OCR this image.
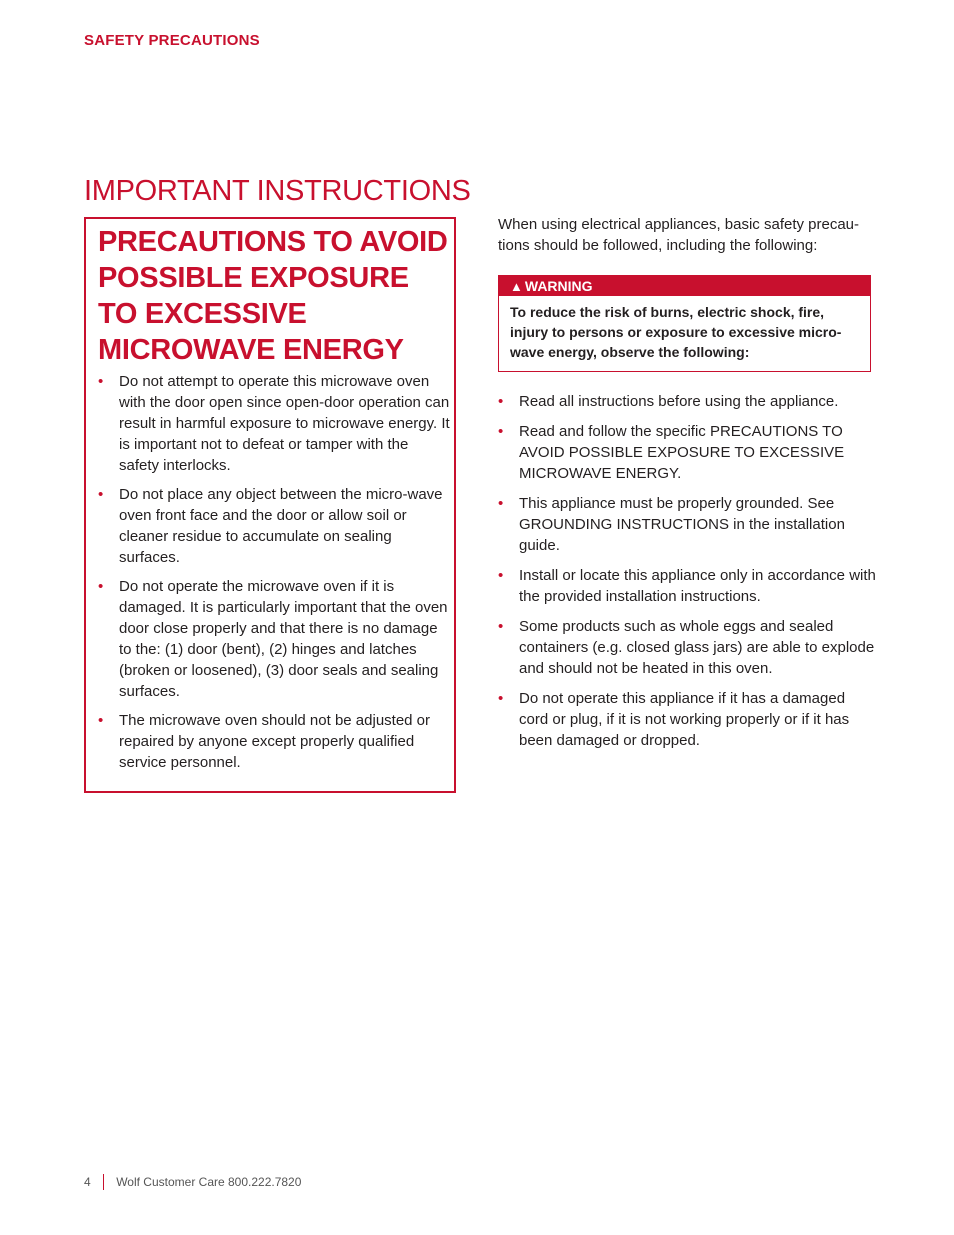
SAFETY PRECAUTIONS
IMPORTANT INSTRUCTIONS
PRECAUTIONS TO AVOID POSSIBLE EXPOSURE TO EXCESSIVE MICROWAVE ENERGY
• Do not attempt to operate this microwave oven with the door open since open-door operation can result in harmful exposure to microwave energy. It is important not to defeat or tamper with the safety interlocks.
• Do not place any object between the micro-wave oven front face and the door or allow soil or cleaner residue to accumulate on sealing surfaces.
• Do not operate the microwave oven if it is damaged. It is particularly important that the oven door close properly and that there is no damage to the: (1) door (bent), (2) hinges and latches (broken or loosened), (3) door seals and sealing surfaces.
• The microwave oven should not be adjusted or repaired by anyone except properly qualified service personnel.

When using electrical appliances, basic safety precau-tions should be followed, including the following:

▲ WARNING
To reduce the risk of burns, electric shock, fire, injury to persons or exposure to excessive micro-wave energy, observe the following:
• Read all instructions before using the appliance.
• Read and follow the specific PRECAUTIONS TO AVOID POSSIBLE EXPOSURE TO EXCESSIVE MICROWAVE ENERGY.
• This appliance must be properly grounded. See GROUNDING INSTRUCTIONS in the installation guide.
• Install or locate this appliance only in accordance with the provided installation instructions.
• Some products such as whole eggs and sealed containers (e.g. closed glass jars) are able to explode and should not be heated in this oven.
• Do not operate this appliance if it has a damaged cord or plug, if it is not working properly or if it has been damaged or dropped.
4 Wolf Customer Care 800.222.7820
